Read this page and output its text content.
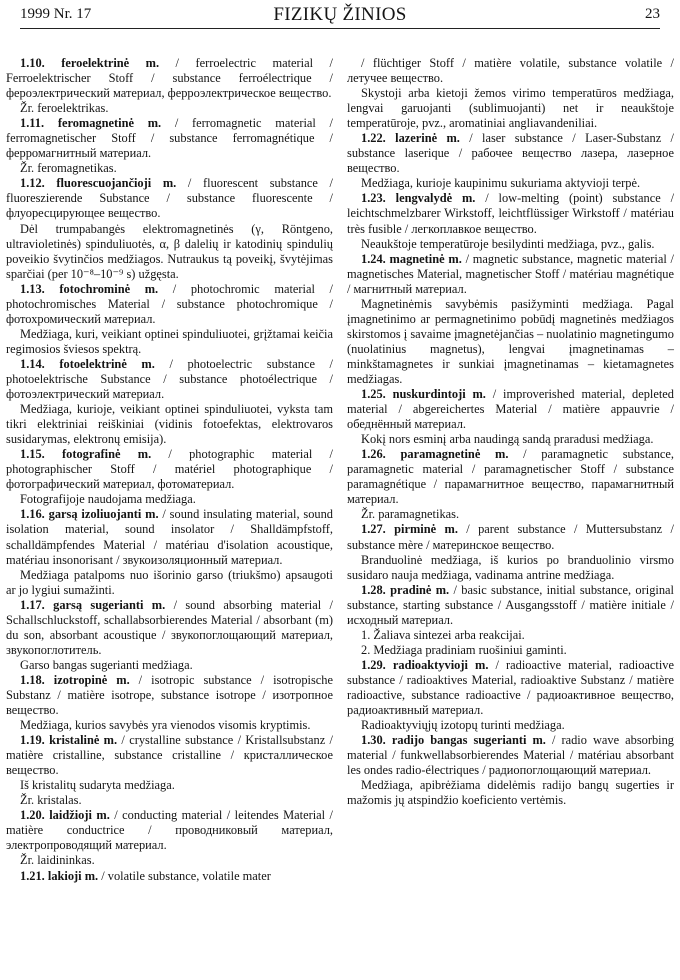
1999 Nr. 17	FIZIKŲ ŽINIOS	23

1.10. feroelektrinė m. / ferroelectric material / Ferroelektrischer Stoff / substance ferroélectrique / фероэлектрический материал, ферроэлектрическое вещество.

Žr. feroelektrikas.

1.11. feromagnetinė m. / ferromagnetic material / ferromagnetischer Stoff / substance ferromagnétique / ферромагнитный материал.

Žr. feromagnetikas.

1.12. fluorescuojančioji m. / fluorescent substance / fluoreszierende Substance / substance fluorescente / флуоресцирующее вещество.

Dėl trumpabangės elektromagnetinės (γ, Röntgeno, ultravioletinės) spinduliuotės, α, β dalelių ir katodinių spindulių poveikio švytinčios medžiagos. Nutraukus tą poveikį, švytėjimas sparčiai (per 10⁻⁸–10⁻⁹ s) užgęsta.

1.13. fotochrominė m. / photochromic material / photochromisches Material / substance photochromique / фотохромический материал.

Medžiaga, kuri, veikiant optinei spinduliuotei, grįžtamai keičia regimosios šviesos spektrą.

1.14. fotoelektrinė m. / photoelectric substance / photoelektrische Substance / substance photoélectrique / фотоэлектрический материал.

Medžiaga, kurioje, veikiant optinei spinduliuotei, vyksta tam tikri elektriniai reiškiniai (vidinis fotoefektas, elektrovaros susidarymas, elektronų emisija).

1.15. fotografinė m. / photographic material / photographischer Stoff / matériel photographique / фотографический материал, фотоматериал.

Fotografijoje naudojama medžiaga.

1.16. garsą izoliuojanti m. / sound insulating material, sound isolation material, sound insolator / Shalldämpfstoff, schalldämpfendes Material / matériau d'isolation acoustique, matériau insonorisant / звукоизоляционный материал.

Medžiaga patalpoms nuo išorinio garso (triukšmo) apsaugoti ar jo lygiui sumažinti.

1.17. garsą sugerianti m. / sound absorbing material / Schallschluckstoff, schallabsorbierendes Material / absorbant (m) du son, absorbant acoustique / звукопоглощающий материал, звукопоглотитель.

Garso bangas sugerianti medžiaga.

1.18. izotropinė m. / isotropic substance / isotropische Substanz / matière isotrope, substance isotrope / изотропное вещество.

Medžiaga, kurios savybės yra vienodos visomis kryptimis.

1.19. kristalinė m. / crystalline substance / Kristallsubstanz / matière cristalline, substance cristalline / кристаллическое вещество.

Iš kristalitų sudaryta medžiaga.

Žr. kristalas.

1.20. laidžioji m. / conducting material / leitendes Material / matière conductrice / проводниковый материал, электропроводящий материал.

Žr. laidininkas.

1.21. lakioji m. / volatile substance, volatile mater

/ flüchtiger Stoff / matière volatile, substance volatile / летучее вещество.

Skystoji arba kietoji žemos virimo temperatūros medžiaga, lengvai garuojanti (sublimuojanti) net ir neaukštoje temperatūroje, pvz., aromatiniai angliavandeniliai.

1.22. lazerinė m. / laser substance / Laser-Substanz / substance laserique / рабочее вещество лазера, лазерное вещество.

Medžiaga, kurioje kaupinimu sukuriama aktyvioji terpė.

1.23. lengvalydė m. / low-melting (point) substance / leichtschmelzbarer Wirkstoff, leichtflüssiger Wirkstoff / matériau très fusible / легкоплавкое вещество.

Neaukštoje temperatūroje besilydinti medžiaga, pvz., galis.

1.24. magnetinė m. / magnetic substance, magnetic material / magnetisches Material, magnetischer Stoff / matériau magnétique / магнитный материал.

Magnetinėmis savybėmis pasižyminti medžiaga. Pagal įmagnetinimo ar permagnetinimo pobūdį magnetinės medžiagos skirstomos į savaime įmagnetėjančias – nuolatinio magnetingumo (nuolatinius magnetus), lengvai įmagnetinamas – minkštamagnetes ir sunkiai įmagnetinamas – kietamagnetes medžiagas.

1.25. nuskurdintoji m. / improverished material, depleted material / abgereichertes Material / matière appauvrie / обеднённый материал.

Kokį nors esminį arba naudingą sandą praradusi medžiaga.

1.26. paramagnetinė m. / paramagnetic substance, paramagnetic material / paramagnetischer Stoff / substance paramagnétique / парамагнитное вещество, парамагнитный материал.

Žr. paramagnetikas.

1.27. pirminė m. / parent substance / Muttersubstanz / substance mère / материнское вещество.

Branduolinė medžiaga, iš kurios po branduolinio virsmo susidaro nauja medžiaga, vadinama antrine medžiaga.

1.28. pradinė m. / basic substance, initial substance, original substance, starting substance / Ausgangsstoff / matière initiale / исходный материал.

1. Žaliava sintezei arba reakcijai.

2. Medžiaga pradiniam ruošiniui gaminti.

1.29. radioaktyvioji m. / radioactive material, radioactive substance / radioaktives Material, radioaktive Substanz / matière radioactive, substance radioactive / радиоактивное вещество, радиоактивный материал.

Radioaktyviųjų izotopų turinti medžiaga.

1.30. radijo bangas sugerianti m. / radio wave absorbing material / funkwellabsorbierendes Material / matériau absorbant les ondes radio-électriques / радиопоглощающий материал.

Medžiaga, apibrėžiama didelėmis radijo bangų sugerties ir mažomis jų atspindžio koeficiento vertėmis.
